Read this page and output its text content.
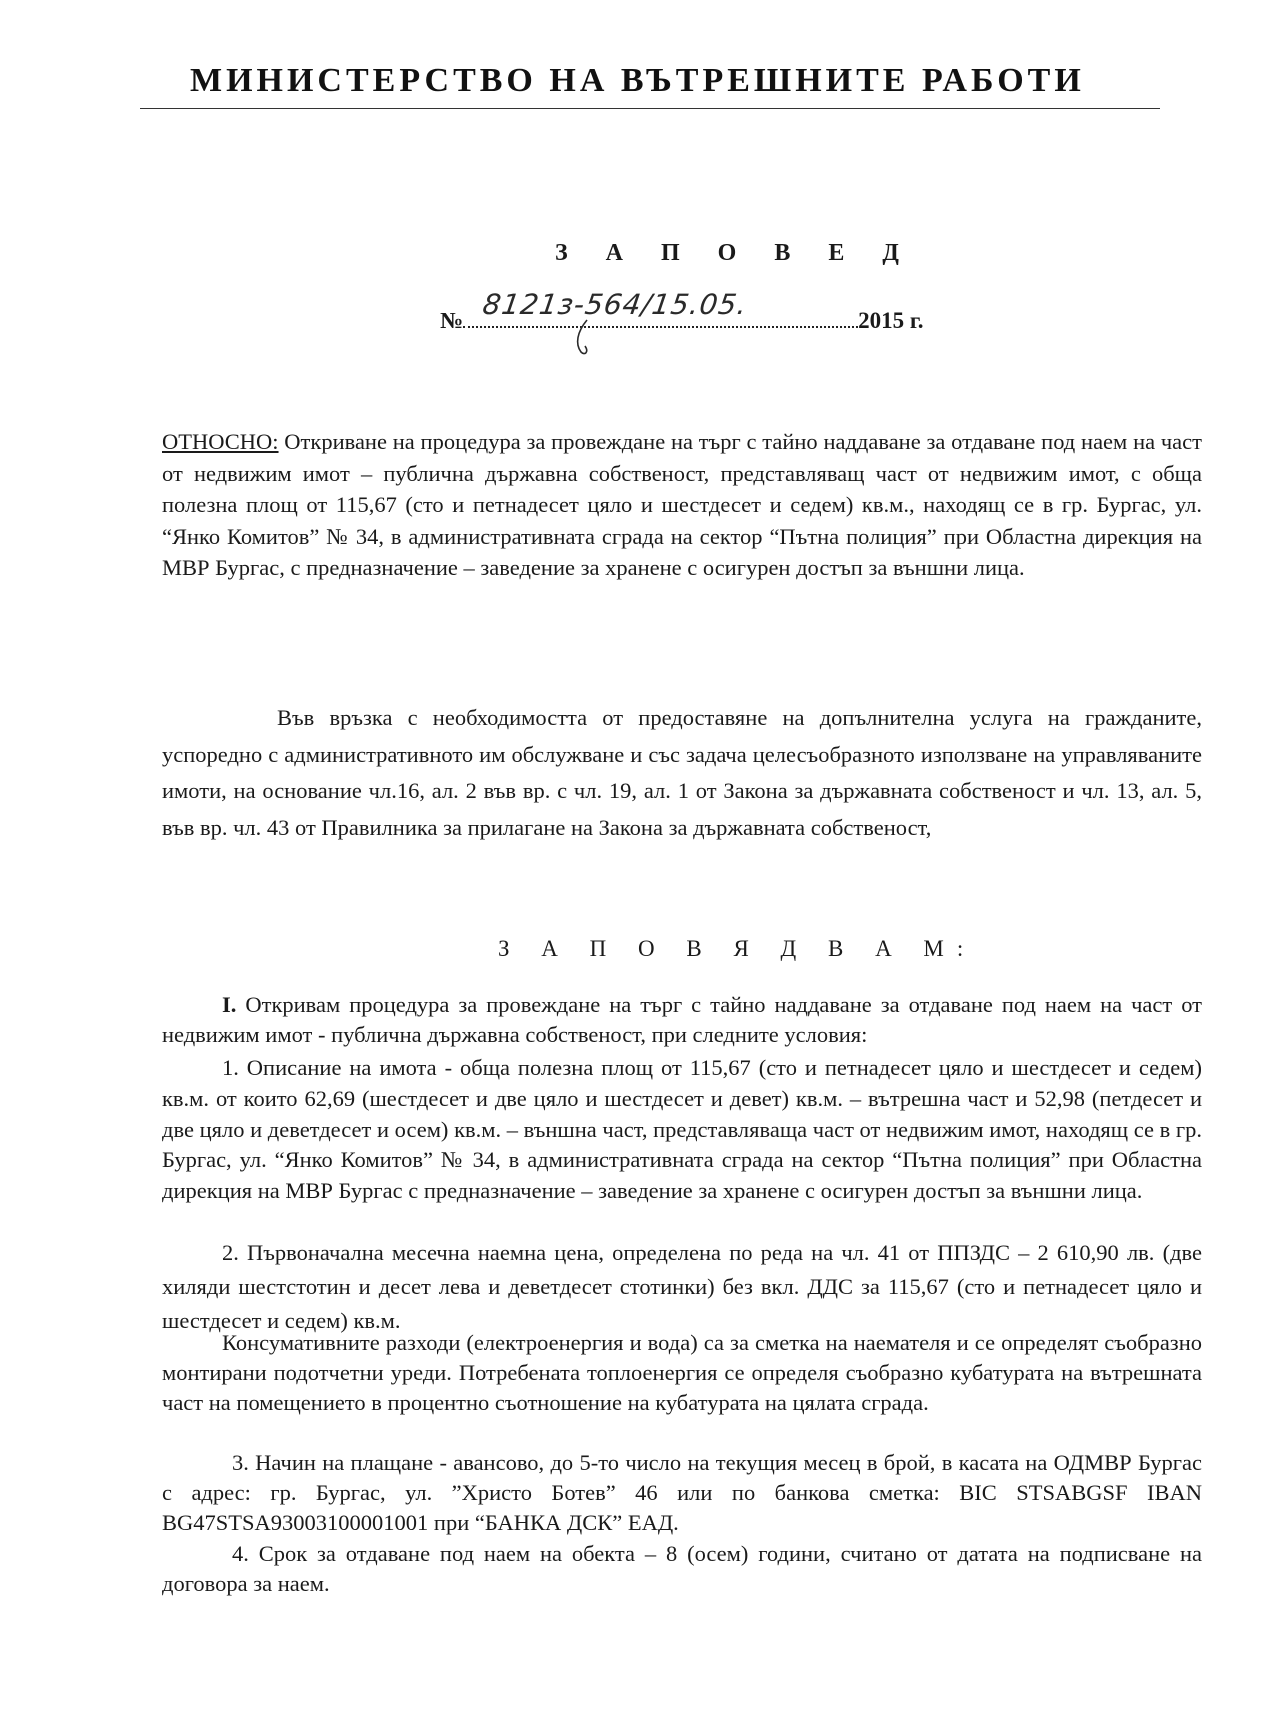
МИНИСТЕРСТВО НА ВЪТРЕШНИТЕ РАБОТИ
З А П О В Е Д
№ 8121з-564/15.05.	2015 г.
ОТНОСНО: Откриване на процедура за провеждане на търг с тайно наддаване за отдаване под наем на част от недвижим имот – публична държавна собственост, представляващ част от недвижим имот, с обща полезна площ от 115,67 (сто и петнадесет цяло и шестдесет и седем) кв.м., находящ се в гр. Бургас, ул. “Янко Комитов” № 34, в административната сграда на сектор “Пътна полиция” при Областна дирекция на МВР Бургас, с предназначение – заведение за хранене с осигурен достъп за външни лица.
Във връзка с необходимостта от предоставяне на допълнителна услуга на гражданите, успоредно с административното им обслужване и със задача целесъобразното използване на управляваните имоти, на основание чл.16, ал. 2 във вр. с чл. 19, ал. 1 от Закона за държавната собственост и чл. 13, ал. 5, във вр. чл. 43 от Правилника за прилагане на Закона за държавната собственост,
З А П О В Я Д В А М:
I. Откривам процедура за провеждане на търг с тайно наддаване за отдаване под наем на част от недвижим имот - публична държавна собственост, при следните условия:
1. Описание на имота - обща полезна площ от 115,67 (сто и петнадесет цяло и шестдесет и седем) кв.м. от които 62,69 (шестдесет и две цяло и шестдесет и девет) кв.м. – вътрешна част и 52,98 (петдесет и две цяло и деветдесет и осем) кв.м. – външна част, представляваща част от недвижим имот, находящ се в гр. Бургас, ул. “Янко Комитов” № 34, в административната сграда на сектор “Пътна полиция” при Областна дирекция на МВР Бургас с предназначение – заведение за хранене с осигурен достъп за външни лица.
2. Първоначална месечна наемна цена, определена по реда на чл. 41 от ППЗДС – 2 610,90 лв. (две хиляди шестстотин и десет лева и деветдесет стотинки) без вкл. ДДС за 115,67 (сто и петнадесет цяло и шестдесет и седем) кв.м.
Консумативните разходи (електроенергия и вода) са за сметка на наемателя и се определят съобразно монтирани подотчетни уреди. Потребената топлоенергия се определя съобразно кубатурата на вътрешната част на помещението в процентно съотношение на кубатурата на цялата сграда.
3. Начин на плащане - авансово, до 5-то число на текущия месец в брой, в касата на ОДМВР Бургас с адрес: гр. Бургас, ул. ”Христо Ботев” 46 или по банкова сметка: BIC STSABGSF IBAN BG47STSA93003100001001 при “БАНКА ДСК” ЕАД.
4. Срок за отдаване под наем на обекта – 8 (осем) години, считано от датата на подписване на договора за наем.
